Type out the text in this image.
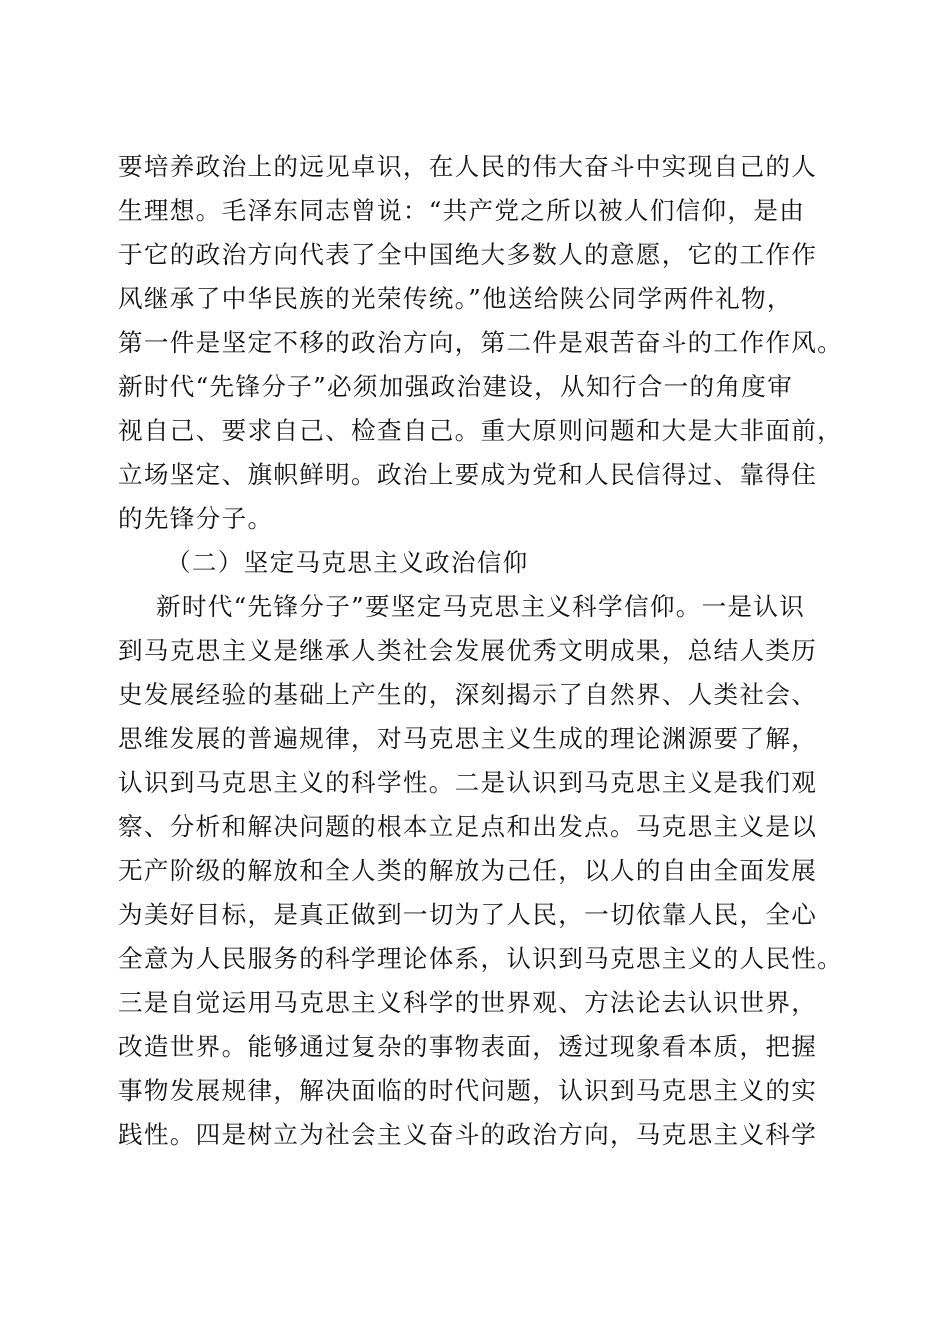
要培养政治上的远见卓识，在人民的伟大奋斗中实现自己的人
生理想。毛泽东同志曾说：“共产党之所以被人们信仰，是由
于它的政治方向代表了全中国绝大多数人的意愿，它的工作作
风继承了中华民族的光荣传统。”他送给陕公同学两件礼物，
第一件是坚定不移的政治方向，第二件是艰苦奋斗的工作作风。
新时代“先锋分子”必须加强政治建设，从知行合一的角度审
视自己、要求自己、检查自己。重大原则问题和大是大非面前，
立场坚定、旗帜鲜明。政治上要成为党和人民信得过、靠得住
的先锋分子。
（二）坚定马克思主义政治信仰
新时代“先锋分子”要坚定马克思主义科学信仰。一是认识
到马克思主义是继承人类社会发展优秀文明成果，总结人类历
史发展经验的基础上产生的，深刻揭示了自然界、人类社会、
思维发展的普遍规律，对马克思主义生成的理论渊源要了解，
认识到马克思主义的科学性。二是认识到马克思主义是我们观
察、分析和解决问题的根本立足点和出发点。马克思主义是以
无产阶级的解放和全人类的解放为己任，以人的自由全面发展
为美好目标，是真正做到一切为了人民，一切依靠人民，全心
全意为人民服务的科学理论体系，认识到马克思主义的人民性。
三是自觉运用马克思主义科学的世界观、方法论去认识世界，
改造世界。能够通过复杂的事物表面，透过现象看本质，把握
事物发展规律，解决面临的时代问题，认识到马克思主义的实
践性。四是树立为社会主义奋斗的政治方向，马克思主义科学
